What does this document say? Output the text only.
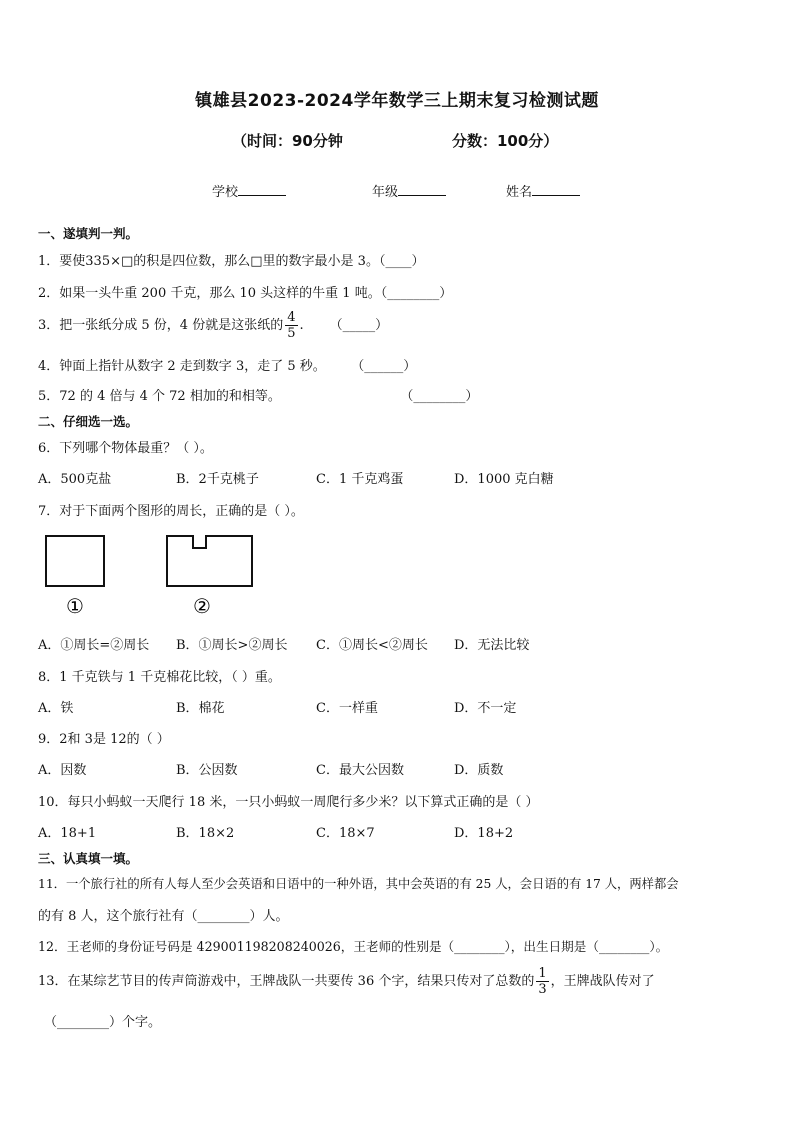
镇雄县2023-2024学年数学三上期末复习检测试题
（时间：90分钟	分数：100分）
学校	年级	姓名
一、遂填判一判。
1．要使335×□的积是四位数，那么□里的数字最小是 3。（____）
2．如果一头牛重 200 千克，那么 10 头这样的牛重 1 吨。（________）
3．把一张纸分成 5 份，4 份就是这张纸的 $\frac{4}{5}$ . （_____）
4．钟面上指针从数字 2 走到数字 3，走了 5 秒。 （______）
5．72 的 4 倍与 4 个 72 相加的和相等。	（________）
二、仔细选一选。
6．下列哪个物体最重？（ ）。
A．500克盐	B．2千克桃子	C．1 千克鸡蛋	D．1000 克白糖
7．对于下面两个图形的周长，正确的是（ ）。
①	②
A．①周长=②周长 B．①周长>②周长 C．①周长<②周长 D．无法比较
8．1 千克铁与 1 千克棉花比较，（ ）重。
A．铁	B．棉花	C．一样重	D．不一定
9．2和 3是 12的（ ）
A．因数	B．公因数	C．最大公因数	D．质数
10．每只小蚂蚁一天爬行 18 米，一只小蚂蚁一周爬行多少米？以下算式正确的是（ ）
A．18+1	B．18×2	C．18×7	D．18+2
三、认真填一填。
11．一个旅行社的所有人每人至少会英语和日语中的一种外语，其中会英语的有 25 人，会日语的有 17 人，两样都会
的有 8 人，这个旅行社有（________）人。
12．王老师的身份证号码是 429001198208240026，王老师的性别是（________），出生日期是（________）。
13．在某综艺节目的传声筒游戏中，王牌战队一共要传 36 个字，结果只传对了总数的 $\frac{1}{3}$ ，王牌战队传对了
（________）个字。
